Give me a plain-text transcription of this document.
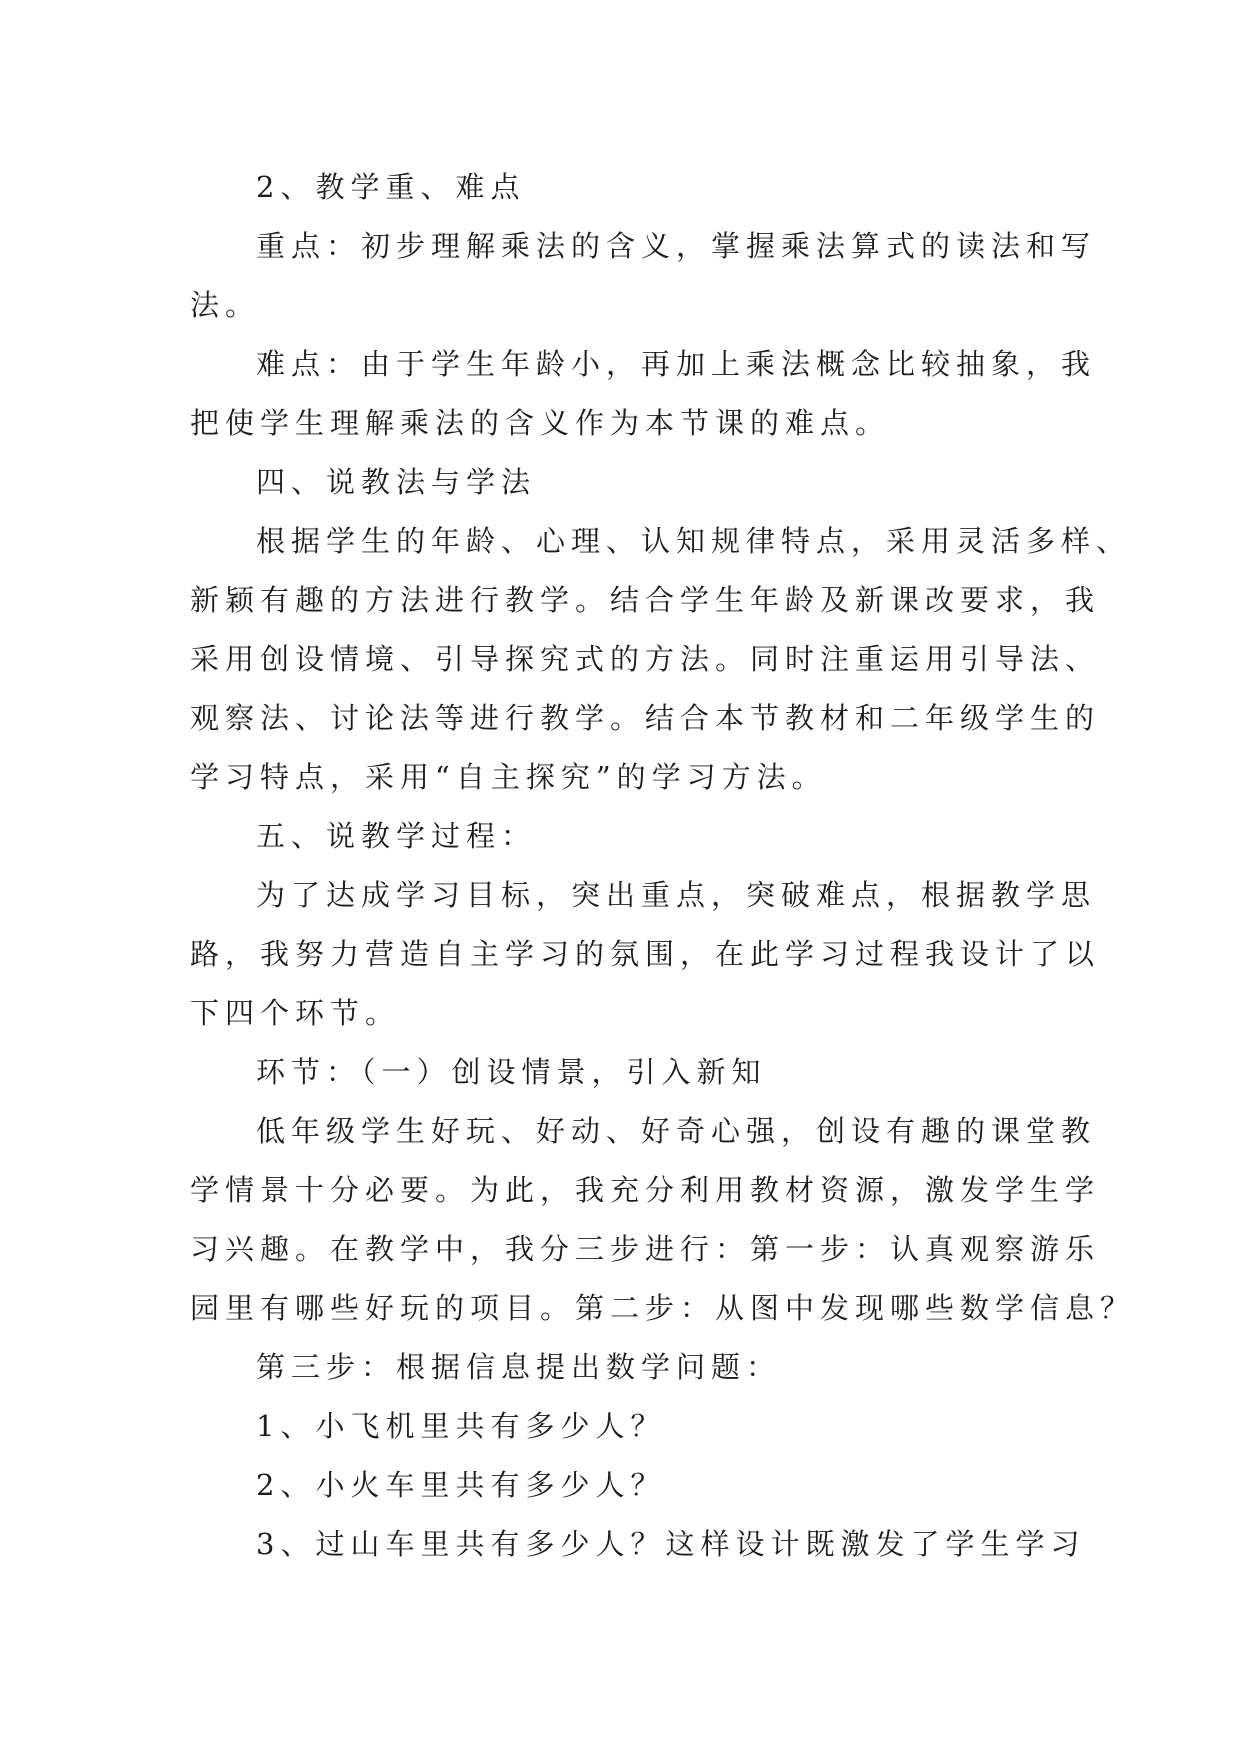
2、教学重、难点
重点：初步理解乘法的含义，掌握乘法算式的读法和写
法。
难点：由于学生年龄小，再加上乘法概念比较抽象，我
把使学生理解乘法的含义作为本节课的难点。
四、说教法与学法
根据学生的年龄、心理、认知规律特点，采用灵活多样、
新颖有趣的方法进行教学。结合学生年龄及新课改要求，我
采用创设情境、引导探究式的方法。同时注重运用引导法、
观察法、讨论法等进行教学。结合本节教材和二年级学生的
学习特点，采用“自主探究”的学习方法。
五、说教学过程：
为了达成学习目标，突出重点，突破难点，根据教学思
路，我努力营造自主学习的氛围，在此学习过程我设计了以
下四个环节。
环节：（一）创设情景，引入新知
低年级学生好玩、好动、好奇心强，创设有趣的课堂教
学情景十分必要。为此，我充分利用教材资源，激发学生学
习兴趣。在教学中，我分三步进行：第一步：认真观察游乐
园里有哪些好玩的项目。第二步：从图中发现哪些数学信息？
第三步：根据信息提出数学问题：
1、小飞机里共有多少人？
2、小火车里共有多少人？
3、过山车里共有多少人？这样设计既激发了学生学习
